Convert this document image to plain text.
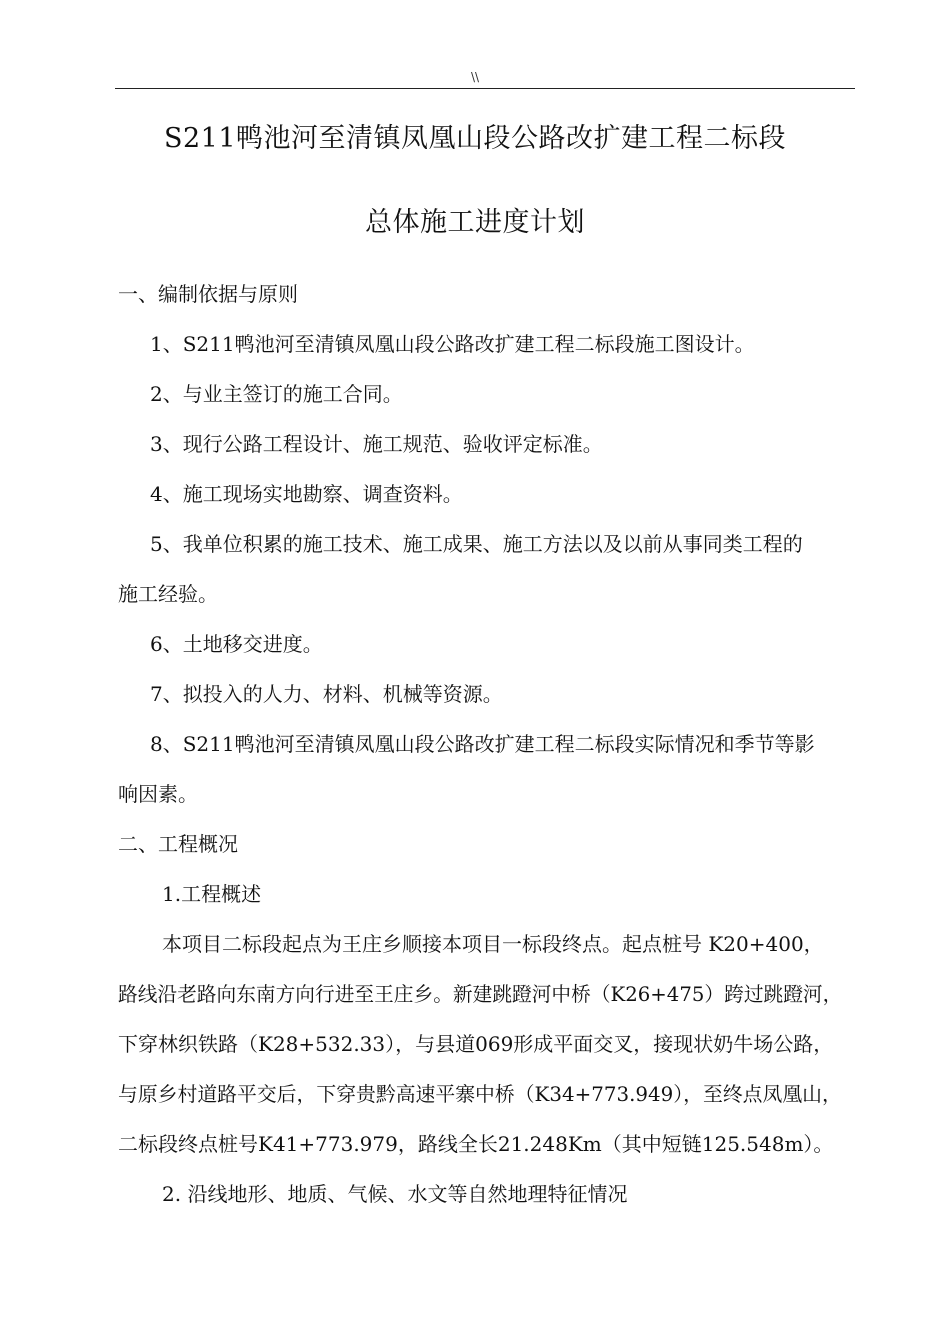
\\
S211鸭池河至清镇凤凰山段公路改扩建工程二标段
总体施工进度计划
一、编制依据与原则
1、S211鸭池河至清镇凤凰山段公路改扩建工程二标段施工图设计。
2、与业主签订的施工合同。
3、现行公路工程设计、施工规范、验收评定标准。
4、施工现场实地勘察、调查资料。
5、我单位积累的施工技术、施工成果、施工方法以及以前从事同类工程的
施工经验。
6、土地移交进度。
7、拟投入的人力、材料、机械等资源。
8、S211鸭池河至清镇凤凰山段公路改扩建工程二标段实际情况和季节等影
响因素。
二、工程概况
1.工程概述
本项目二标段起点为王庄乡顺接本项目一标段终点。起点桩号 K20+400，
路线沿老路向东南方向行进至王庄乡。新建跳蹬河中桥（K26+475）跨过跳蹬河，
下穿林织铁路（K28+532.33），与县道069形成平面交叉，接现状奶牛场公路，
与原乡村道路平交后，下穿贵黔高速平寨中桥（K34+773.949），至终点凤凰山，
二标段终点桩号K41+773.979，路线全长21.248Km（其中短链125.548m）。
2. 沿线地形、地质、气候、水文等自然地理特征情况
